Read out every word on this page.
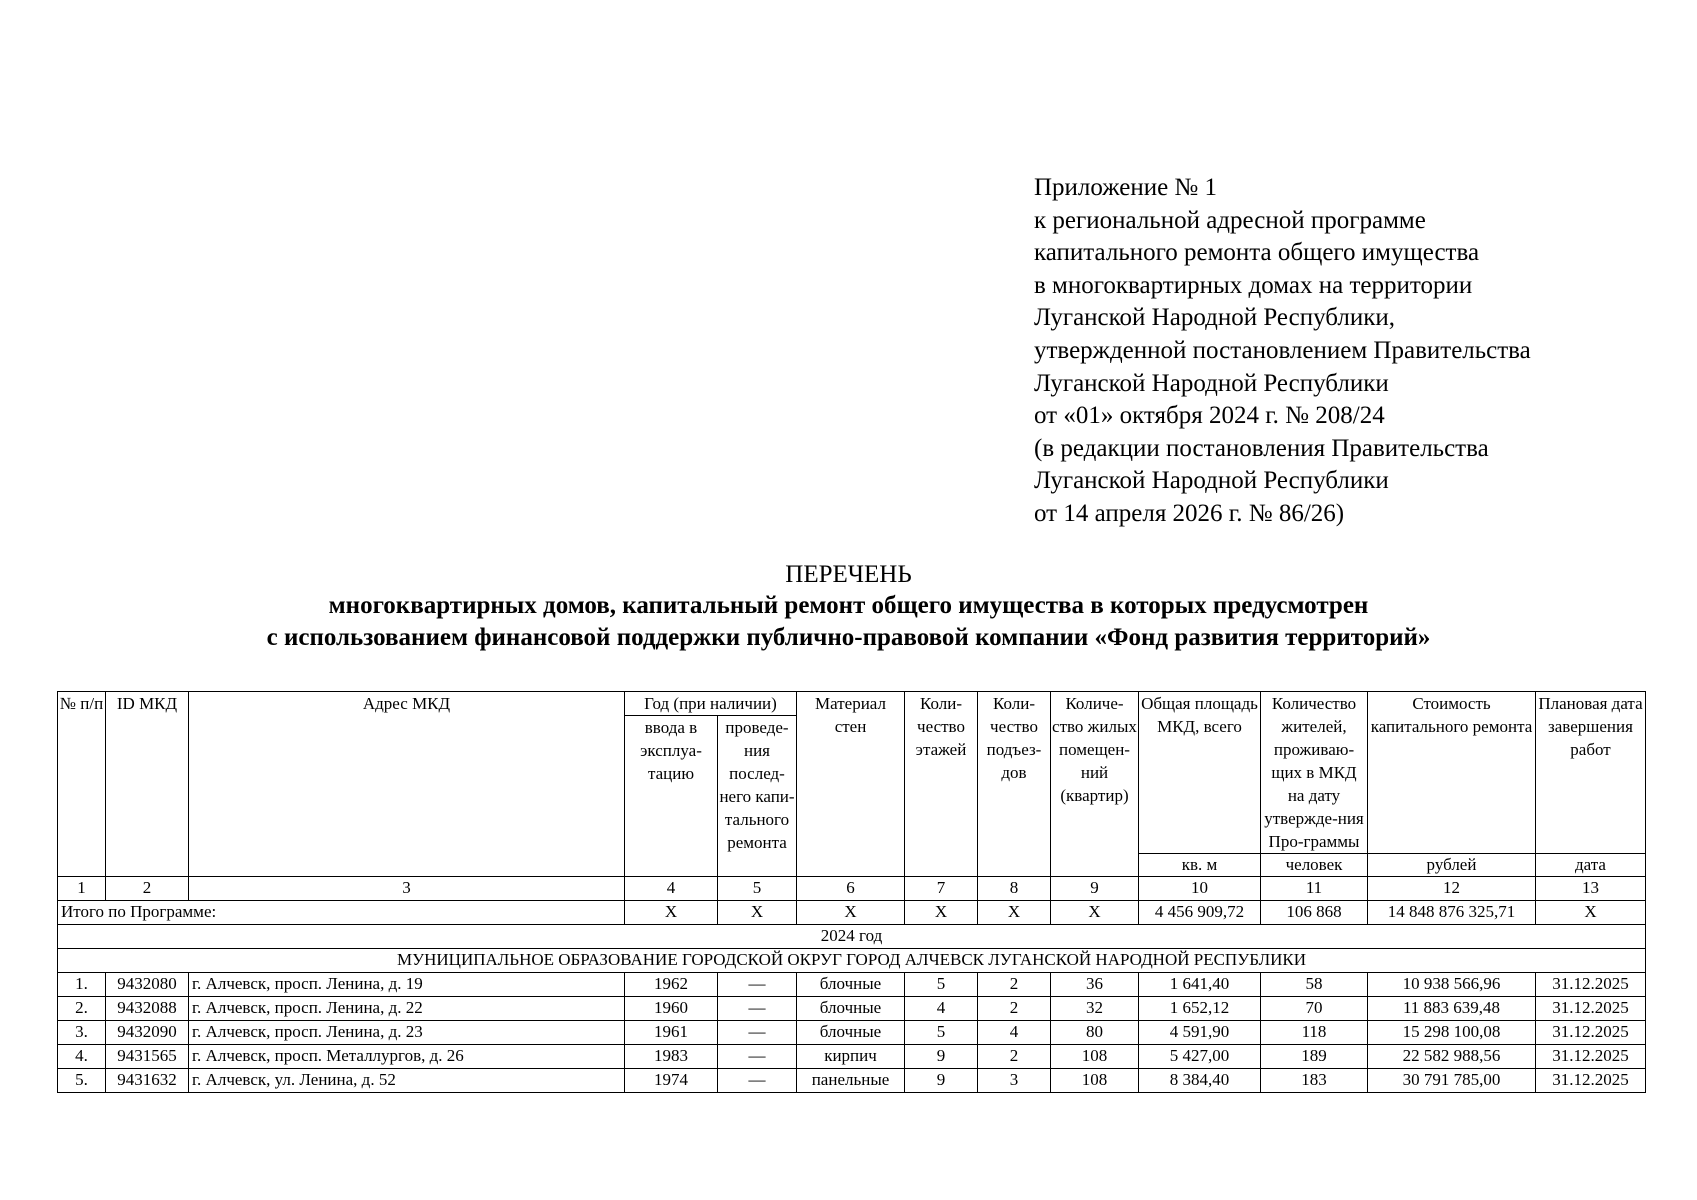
Приложение № 1
к региональной адресной программе
капитального ремонта общего имущества
в многоквартирных домах на территории
Луганской Народной Республики,
утвержденной постановлением Правительства
Луганской Народной Республики
от «01» октября 2024 г. № 208/24
(в редакции постановления Правительства
Луганской Народной Республики
от 14 апреля 2026 г. № 86/26)
ПЕРЕЧЕНЬ
многоквартирных домов, капитальный ремонт общего имущества в которых предусмотрен
с использованием финансовой поддержки публично-правовой компании «Фонд развития территорий»
№ п/п	ID МКД	Адрес МКД	Год (при наличии)		Материал стен	Коли-чество этажей	Коли-чество подъез-дов	Количе-ство жилых помещен-ний (квартир)	Общая площадь МКД, всего	Количество жителей, проживаю-щих в МКД на дату утвержде-ния Про-граммы	Стоимость капитального ремонта	Плановая дата завершения работ
			ввода в эксплуа-тацию	проведе-ния послед-него капи-тального ремонта								
									кв. м	человек	рублей	дата
1	2	3	4	5	6	7	8	9	10	11	12	13
Итого по Программе:			Х	Х	Х	Х	Х	Х	4 456 909,72	106 868	14 848 876 325,71	Х
2024 год												
МУНИЦИПАЛЬНОЕ ОБРАЗОВАНИЕ ГОРОДСКОЙ ОКРУГ ГОРОД АЛЧЕВСК ЛУГАНСКОЙ НАРОДНОЙ РЕСПУБЛИКИ												
1.	9432080	г. Алчевск, просп. Ленина, д. 19	1962	—	блочные	5	2	36	1 641,40	58	10 938 566,96	31.12.2025
2.	9432088	г. Алчевск, просп. Ленина, д. 22	1960	—	блочные	4	2	32	1 652,12	70	11 883 639,48	31.12.2025
3.	9432090	г. Алчевск, просп. Ленина, д. 23	1961	—	блочные	5	4	80	4 591,90	118	15 298 100,08	31.12.2025
4.	9431565	г. Алчевск, просп. Металлургов, д. 26	1983	—	кирпич	9	2	108	5 427,00	189	22 582 988,56	31.12.2025
5.	9431632	г. Алчевск, ул. Ленина, д. 52	1974	—	панельные	9	3	108	8 384,40	183	30 791 785,00	31.12.2025
